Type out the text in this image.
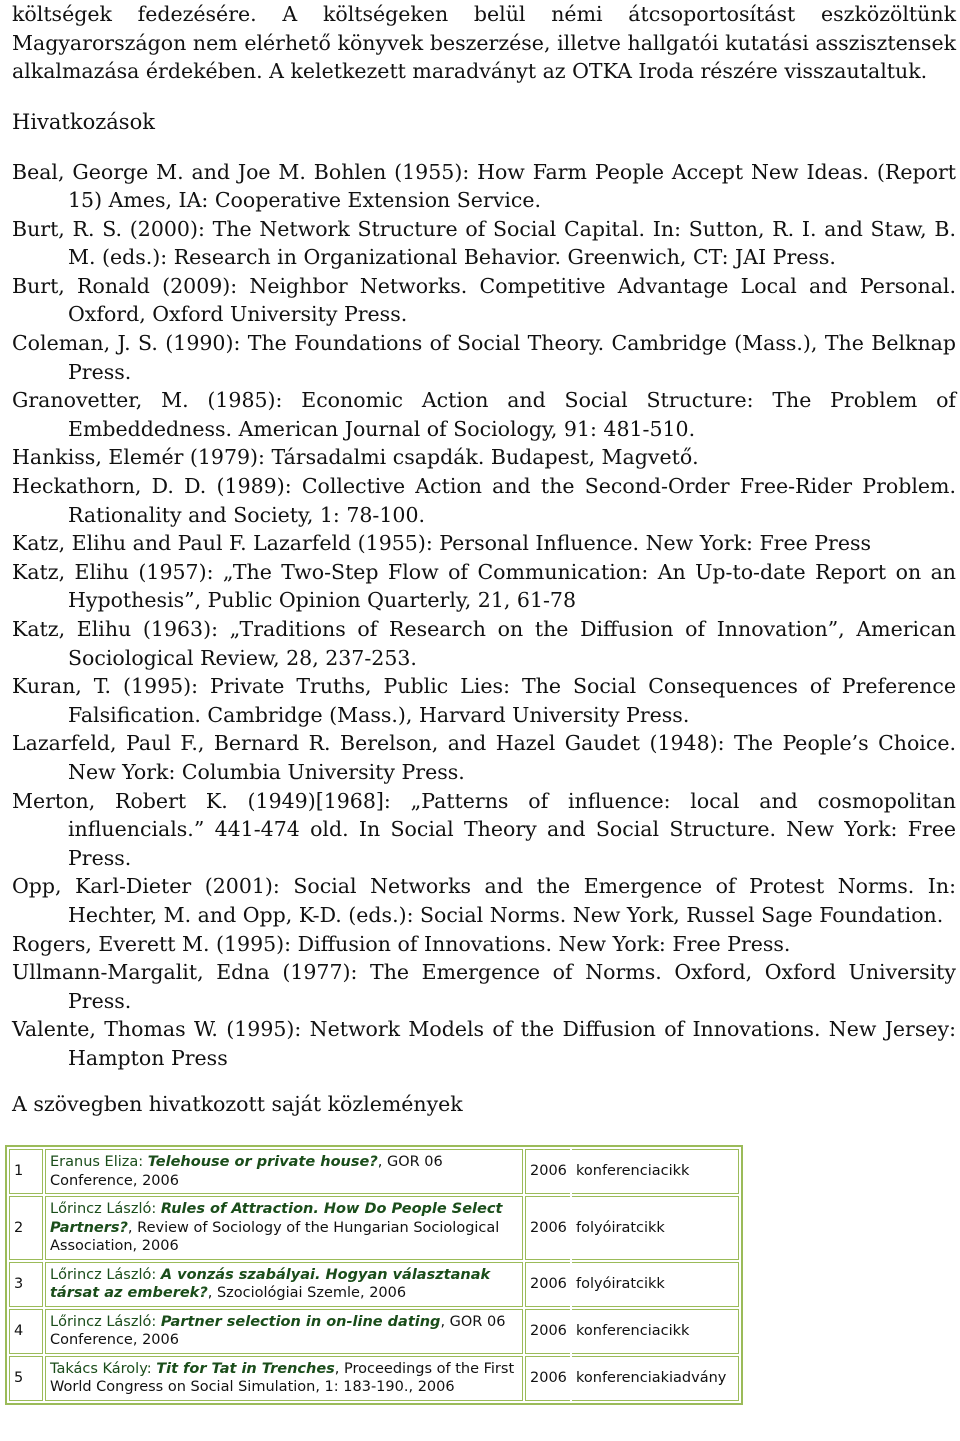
költségek fedezésére. A költségeken belül némi átcsoportosítást eszközöltünk Magyarországon nem elérhető könyvek beszerzése, illetve hallgatói kutatási asszisztensek alkalmazása érdekében. A keletkezett maradványt az OTKA Iroda részére visszautaltuk.

Hivatkozások

Beal, George M. and Joe M. Bohlen (1955): How Farm People Accept New Ideas. (Report 15) Ames, IA: Cooperative Extension Service.

Burt, R. S. (2000): The Network Structure of Social Capital. In: Sutton, R. I. and Staw, B. M. (eds.): Research in Organizational Behavior. Greenwich, CT: JAI Press.

Burt, Ronald (2009): Neighbor Networks. Competitive Advantage Local and Personal. Oxford, Oxford University Press.

Coleman, J. S. (1990): The Foundations of Social Theory. Cambridge (Mass.), The Belknap Press.

Granovetter, M. (1985): Economic Action and Social Structure: The Problem of Embeddedness. American Journal of Sociology, 91: 481-510.

Hankiss, Elemér (1979): Társadalmi csapdák. Budapest, Magvető.

Heckathorn, D. D. (1989): Collective Action and the Second-Order Free-Rider Problem. Rationality and Society, 1: 78-100.

Katz, Elihu and Paul F. Lazarfeld (1955): Personal Influence. New York: Free Press

Katz, Elihu (1957): „The Two-Step Flow of Communication: An Up-to-date Report on an Hypothesis”, Public Opinion Quarterly, 21, 61-78

Katz, Elihu (1963): „Traditions of Research on the Diffusion of Innovation”, American Sociological Review, 28, 237-253.

Kuran, T. (1995): Private Truths, Public Lies: The Social Consequences of Preference Falsification. Cambridge (Mass.), Harvard University Press.

Lazarfeld, Paul F., Bernard R. Berelson, and Hazel Gaudet (1948): The People’s Choice. New York: Columbia University Press.

Merton, Robert K. (1949)[1968]: „Patterns of influence: local and cosmopolitan influencials.” 441-474 old. In Social Theory and Social Structure. New York: Free Press.

Opp, Karl-Dieter (2001): Social Networks and the Emergence of Protest Norms. In: Hechter, M. and Opp, K-D. (eds.): Social Norms. New York, Russel Sage Foundation.

Rogers, Everett M. (1995): Diffusion of Innovations. New York: Free Press.

Ullmann-Margalit, Edna (1977): The Emergence of Norms. Oxford, Oxford University Press.

Valente, Thomas W. (1995): Network Models of the Diffusion of Innovations. New Jersey: Hampton Press

A szövegben hivatkozott saját közlemények
1	Eranus Eliza: Telehouse or private house?, GOR 06 Conference, 2006	2006	konferenciacikk
2	Lőrincz László: Rules of Attraction. How Do People Select Partners?, Review of Sociology of the Hungarian Sociological Association, 2006	2006	folyóiratcikk
3	Lőrincz László: A vonzás szabályai. Hogyan választanak társat az emberek?, Szociológiai Szemle, 2006	2006	folyóiratcikk
4	Lőrincz László: Partner selection in on-line dating, GOR 06 Conference, 2006	2006	konferenciacikk
5	Takács Károly: Tit for Tat in Trenches, Proceedings of the First World Congress on Social Simulation, 1: 183-190., 2006	2006	konferenciakiadvány
